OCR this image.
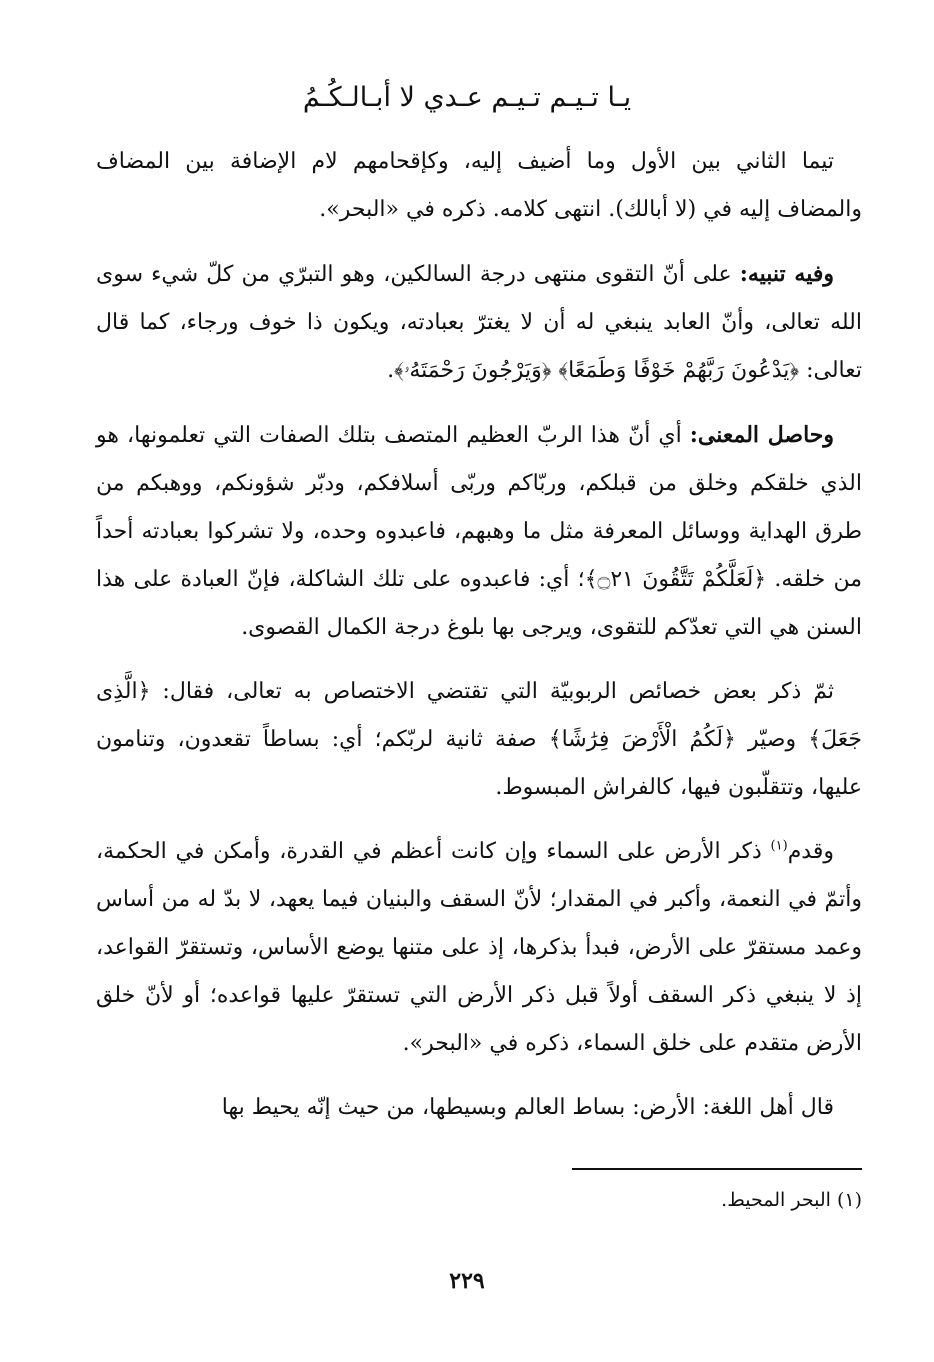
يـا تـيـم تـيـم عـدي لا أبـالـكُـمُ

تيما الثاني بين الأول وما أضيف إليه، وكإقحامهم لام الإضافة بين المضاف والمضاف إليه في (لا أبالك). انتهى كلامه. ذكره في «البحر».

وفيه تنبيه: على أنّ التقوى منتهى درجة السالكين، وهو التبرّي من كلّ شيء سوى الله تعالى، وأنّ العابد ينبغي له أن لا يغترّ بعبادته، ويكون ذا خوف ورجاء، كما قال تعالى: ﴿يَدْعُونَ رَبَّهُمْ خَوْفًا وَطَمَعًا﴾ ﴿وَيَرْجُونَ رَحْمَتَهُۥ﴾.

وحاصل المعنى: أي أنّ هذا الربّ العظيم المتصف بتلك الصفات التي تعلمونها، هو الذي خلقكم وخلق من قبلكم، وربّاكم وربّى أسلافكم، ودبّر شؤونكم، ووهبكم من طرق الهداية ووسائل المعرفة مثل ما وهبهم، فاعبدوه وحده، ولا تشركوا بعبادته أحداً من خلقه. ﴿لَعَلَّكُمْ تَتَّقُونَ ۝٢١﴾؛ أي: فاعبدوه على تلك الشاكلة، فإنّ العبادة على هذا السنن هي التي تعدّكم للتقوى، ويرجى بها بلوغ درجة الكمال القصوى.

ثمّ ذكر بعض خصائص الربوبيّة التي تقتضي الاختصاص به تعالى، فقال: ﴿الَّذِى جَعَلَ﴾ وصيّر ﴿لَكُمُ الْأَرْضَ فِرَٰشًا﴾ صفة ثانية لربّكم؛ أي: بساطاً تقعدون، وتنامون عليها، وتتقلّبون فيها، كالفراش المبسوط.

وقدم$^{(١)}$ ذكر الأرض على السماء وإن كانت أعظم في القدرة، وأمكن في الحكمة، وأتمّ في النعمة، وأكبر في المقدار؛ لأنّ السقف والبنيان فيما يعهد، لا بدّ له من أساس وعمد مستقرّ على الأرض، فبدأ بذكرها، إذ على متنها يوضع الأساس، وتستقرّ القواعد، إذ لا ينبغي ذكر السقف أولاً قبل ذكر الأرض التي تستقرّ عليها قواعده؛ أو لأنّ خلق الأرض متقدم على خلق السماء، ذكره في «البحر».

قال أهل اللغة: الأرض: بساط العالم وبسيطها، من حيث إنّه يحيط بها

(١) البحر المحيط.
٢٢٩
